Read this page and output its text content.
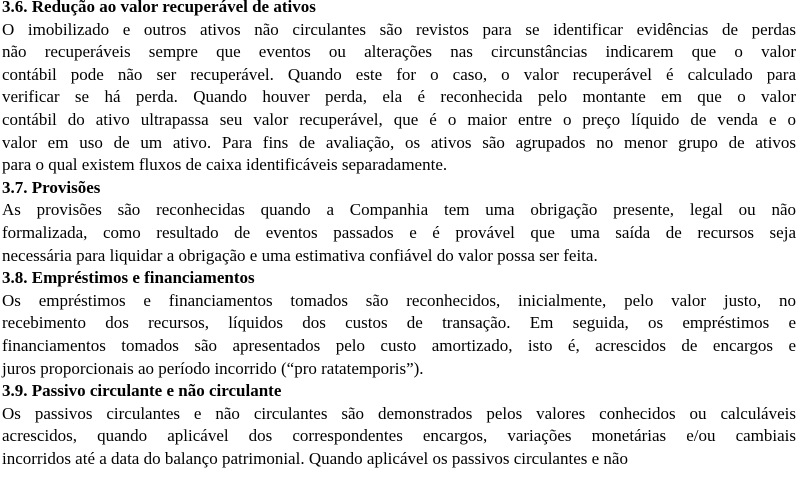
3.6. Redução ao valor recuperável de ativos

O imobilizado e outros ativos não circulantes são revistos para se identificar evidências de perdas
não recuperáveis sempre que eventos ou alterações nas circunstâncias indicarem que o valor
contábil pode não ser recuperável. Quando este for o caso, o valor recuperável é calculado para
verificar se há perda. Quando houver perda, ela é reconhecida pelo montante em que o valor
contábil do ativo ultrapassa seu valor recuperável, que é o maior entre o preço líquido de venda e o
valor em uso de um ativo. Para fins de avaliação, os ativos são agrupados no menor grupo de ativos
para o qual existem fluxos de caixa identificáveis separadamente.

3.7. Provisões

As provisões são reconhecidas quando a Companhia tem uma obrigação presente, legal ou não
formalizada, como resultado de eventos passados e é provável que uma saída de recursos seja
necessária para liquidar a obrigação e uma estimativa confiável do valor possa ser feita.

3.8. Empréstimos e financiamentos

Os empréstimos e financiamentos tomados são reconhecidos, inicialmente, pelo valor justo, no
recebimento dos recursos, líquidos dos custos de transação. Em seguida, os empréstimos e
financiamentos tomados são apresentados pelo custo amortizado, isto é, acrescidos de encargos e
juros proporcionais ao período incorrido (“pro ratatemporis”).

3.9. Passivo circulante e não circulante

Os passivos circulantes e não circulantes são demonstrados pelos valores conhecidos ou calculáveis
acrescidos, quando aplicável dos correspondentes encargos, variações monetárias e/ou cambiais
incorridos até a data do balanço patrimonial. Quando aplicável os passivos circulantes e não
